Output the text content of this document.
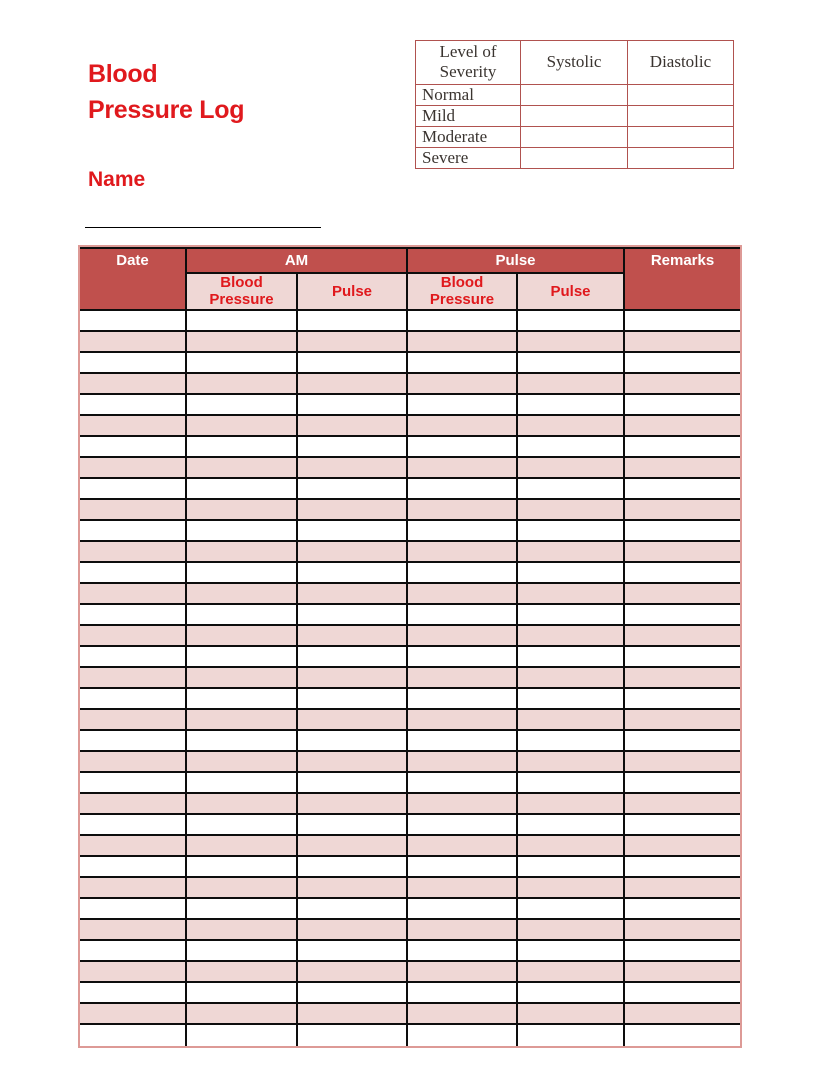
Blood
Pressure Log
Level of Severity	Systolic	Diastolic
Normal		
Mild		
Moderate		
Severe		
Name
Date	AM		Pulse		Remarks
	Blood Pressure	Pulse	Blood Pressure	Pulse	
